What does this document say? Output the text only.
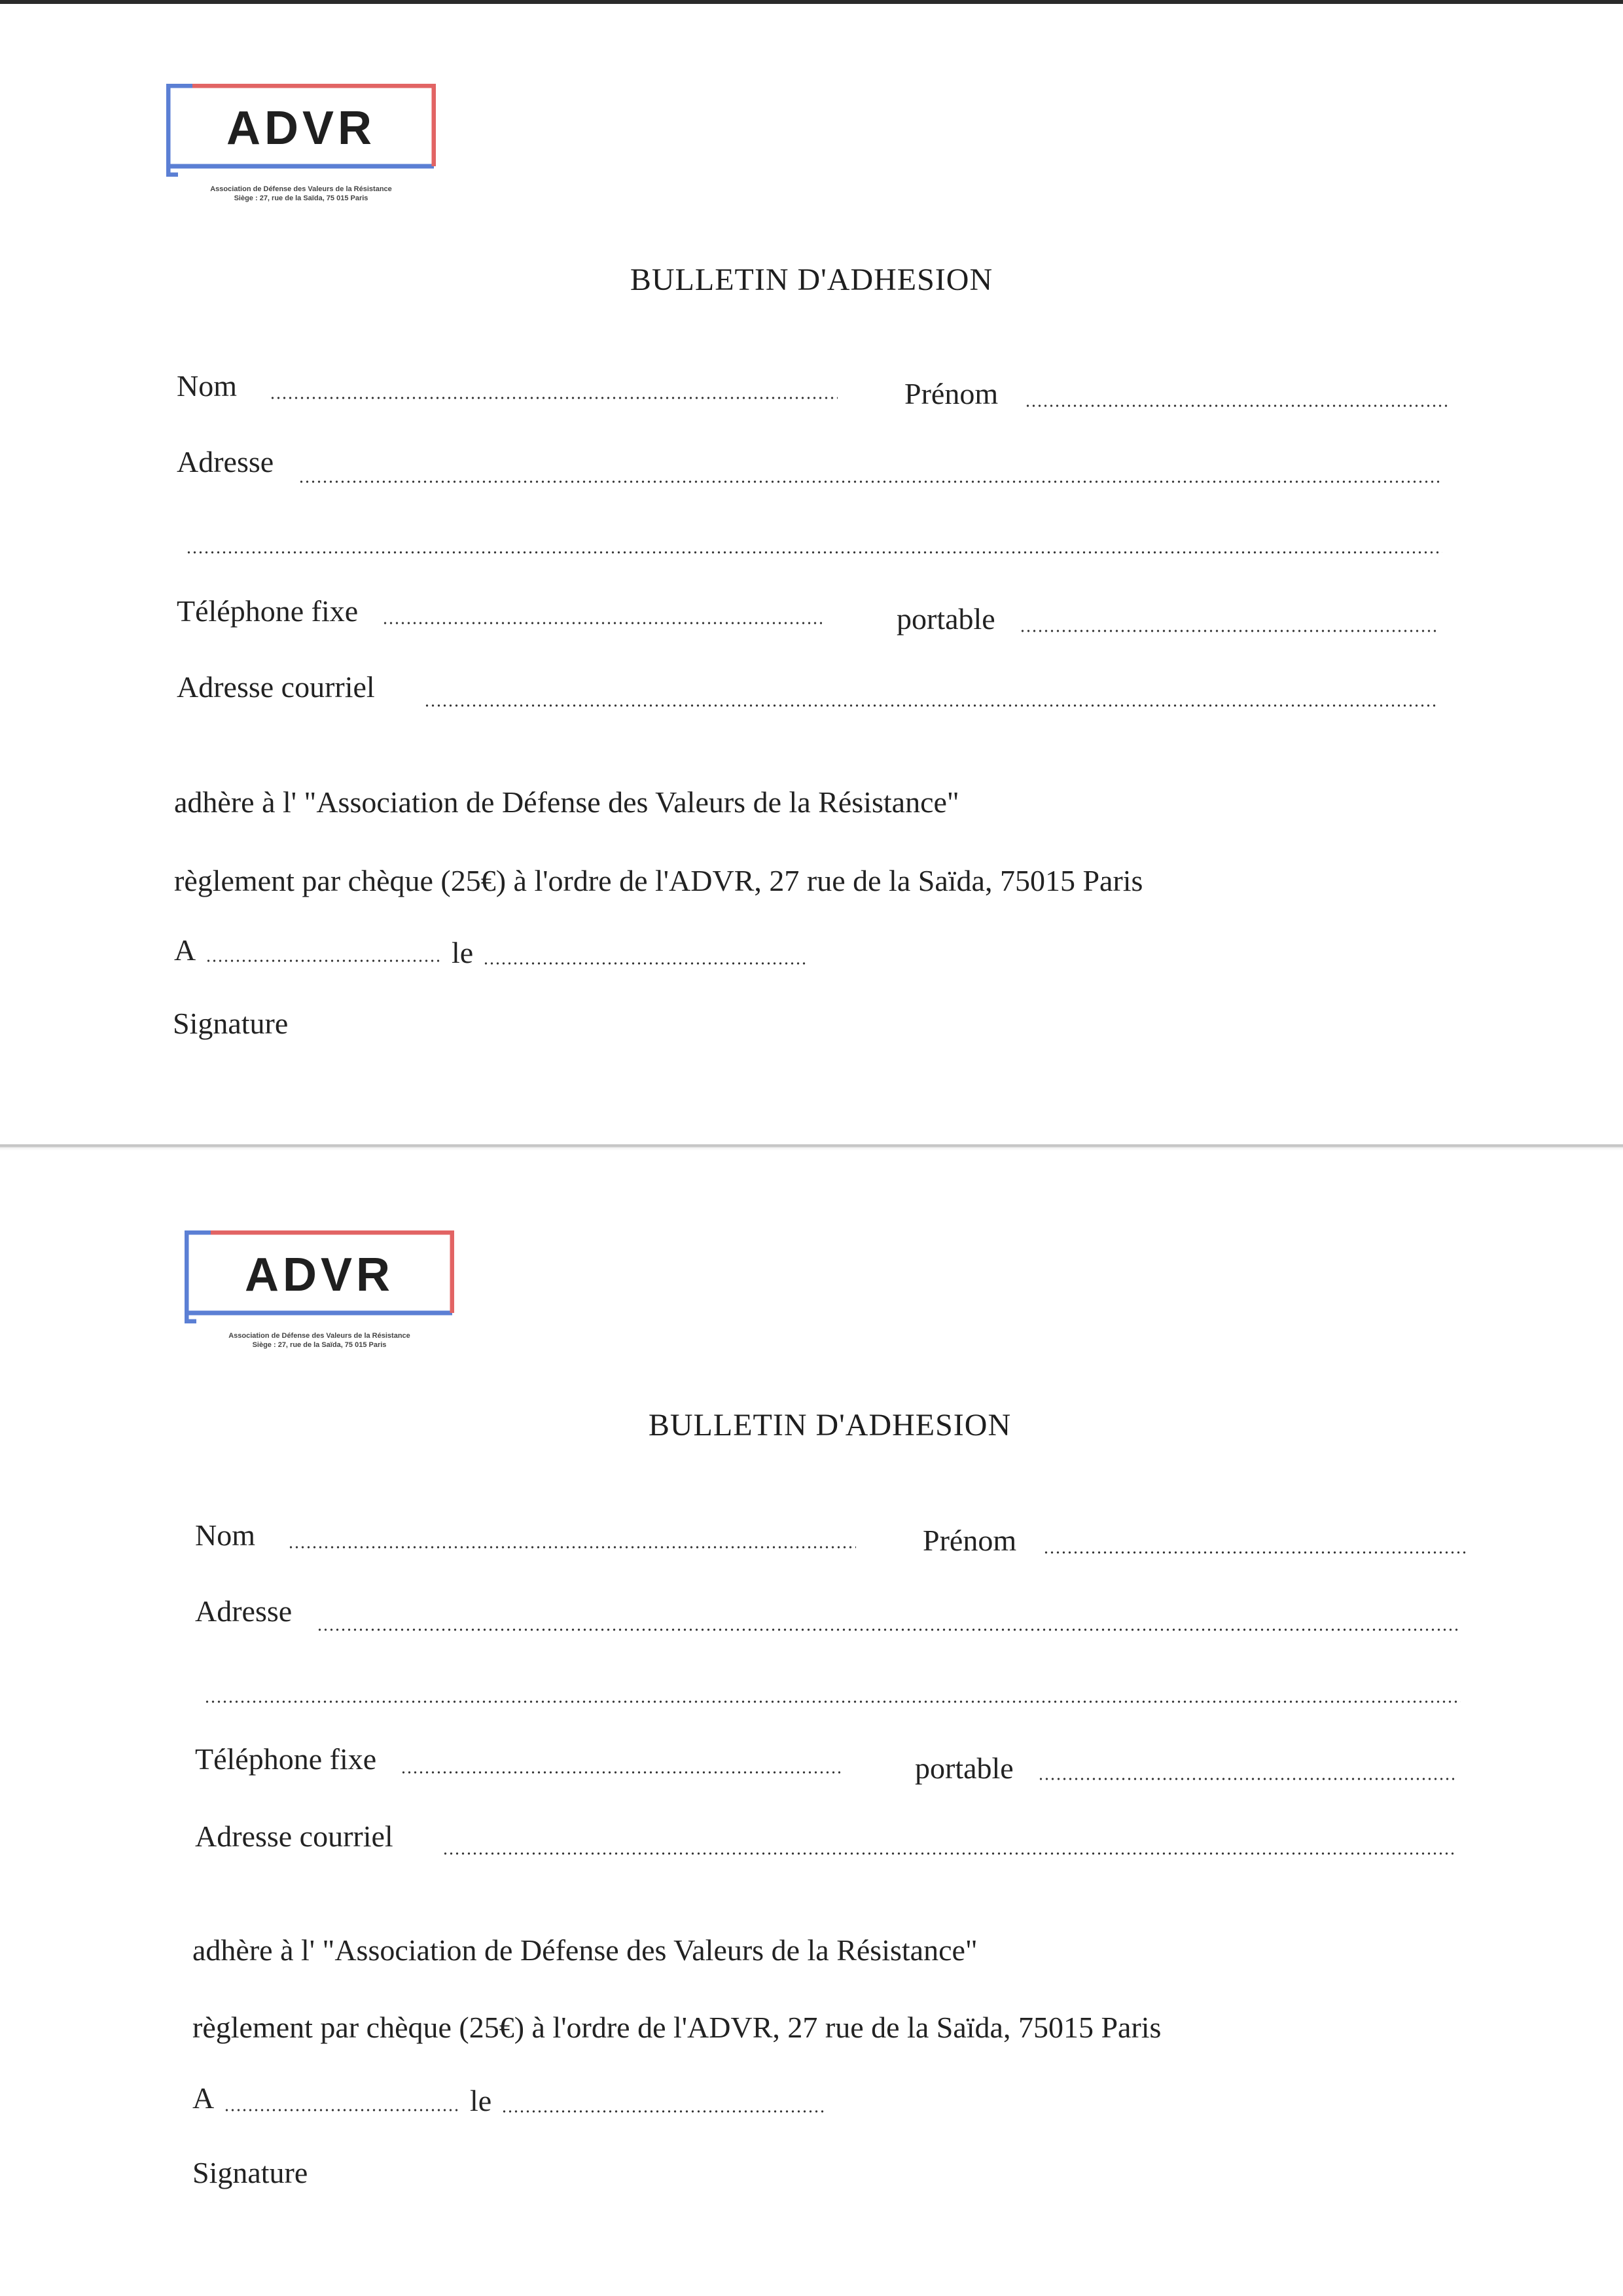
ADVR
Association de Défense des Valeurs de la Résistance
Siège : 27, rue de la Saïda, 75 015 Paris
BULLETIN D'ADHESION
Nom	Prénom
Adresse
Téléphone fixe	portable
Adresse courriel
adhère à l' "Association de Défense des Valeurs de la Résistance"
règlement par chèque (25€) à l'ordre de l'ADVR, 27 rue de la Saïda, 75015 Paris
A	le
Signature
ADVR
Association de Défense des Valeurs de la Résistance
Siège : 27, rue de la Saïda, 75 015 Paris
BULLETIN D'ADHESION
Nom	Prénom
Adresse
Téléphone fixe	portable
Adresse courriel
adhère à l' "Association de Défense des Valeurs de la Résistance"
règlement par chèque (25€) à l'ordre de l'ADVR, 27 rue de la Saïda, 75015 Paris
A	le
Signature
